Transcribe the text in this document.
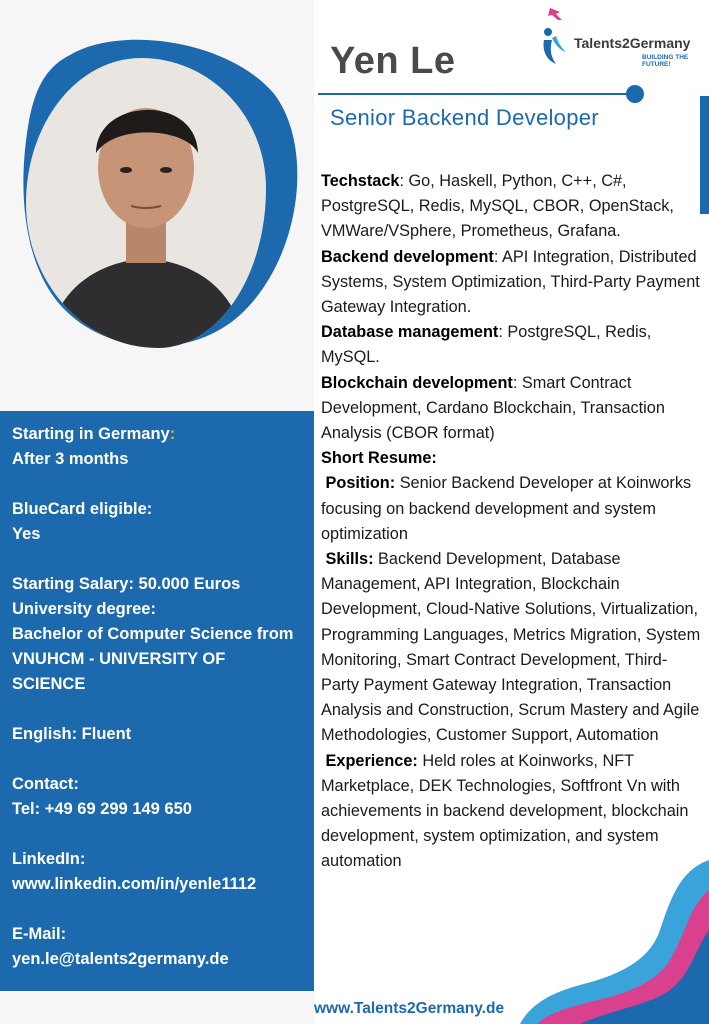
Starting in Germany:

After 3 months

BlueCard eligible:

Yes

Starting Salary: 50.000 Euros

University degree:

Bachelor of Computer Science from VNUHCM - UNIVERSITY OF SCIENCE

English: Fluent

Contact:

Tel: +49 69 299 149 650

LinkedIn:

www.linkedin.com/in/yenle1112

E-Mail:

yen.le@talents2germany.de

Talents2Germany
BUILDING THE FUTURE!
Yen Le
Senior Backend Developer

Techstack: Go, Haskell, Python, C++, C#, PostgreSQL, Redis, MySQL, CBOR, OpenStack, VMWare/VSphere, Prometheus, Grafana.

Backend development: API Integration, Distributed Systems, System Optimization, Third-Party Payment Gateway Integration.

Database management: PostgreSQL, Redis, MySQL.

Blockchain development: Smart Contract Development, Cardano Blockchain, Transaction Analysis (CBOR format)

Short Resume:

Position: Senior Backend Developer at Koinworks focusing on backend development and system optimization

Skills: Backend Development, Database Management, API Integration, Blockchain Development, Cloud-Native Solutions, Virtualization, Programming Languages, Metrics Migration, System Monitoring, Smart Contract Development, Third-Party Payment Gateway Integration, Transaction Analysis and Construction, Scrum Mastery and Agile Methodologies, Customer Support, Automation

Experience: Held roles at Koinworks, NFT Marketplace, DEK Technologies, Softfront Vn with achievements in backend development, blockchain development, system optimization, and system automation

www.Talents2Germany.de
